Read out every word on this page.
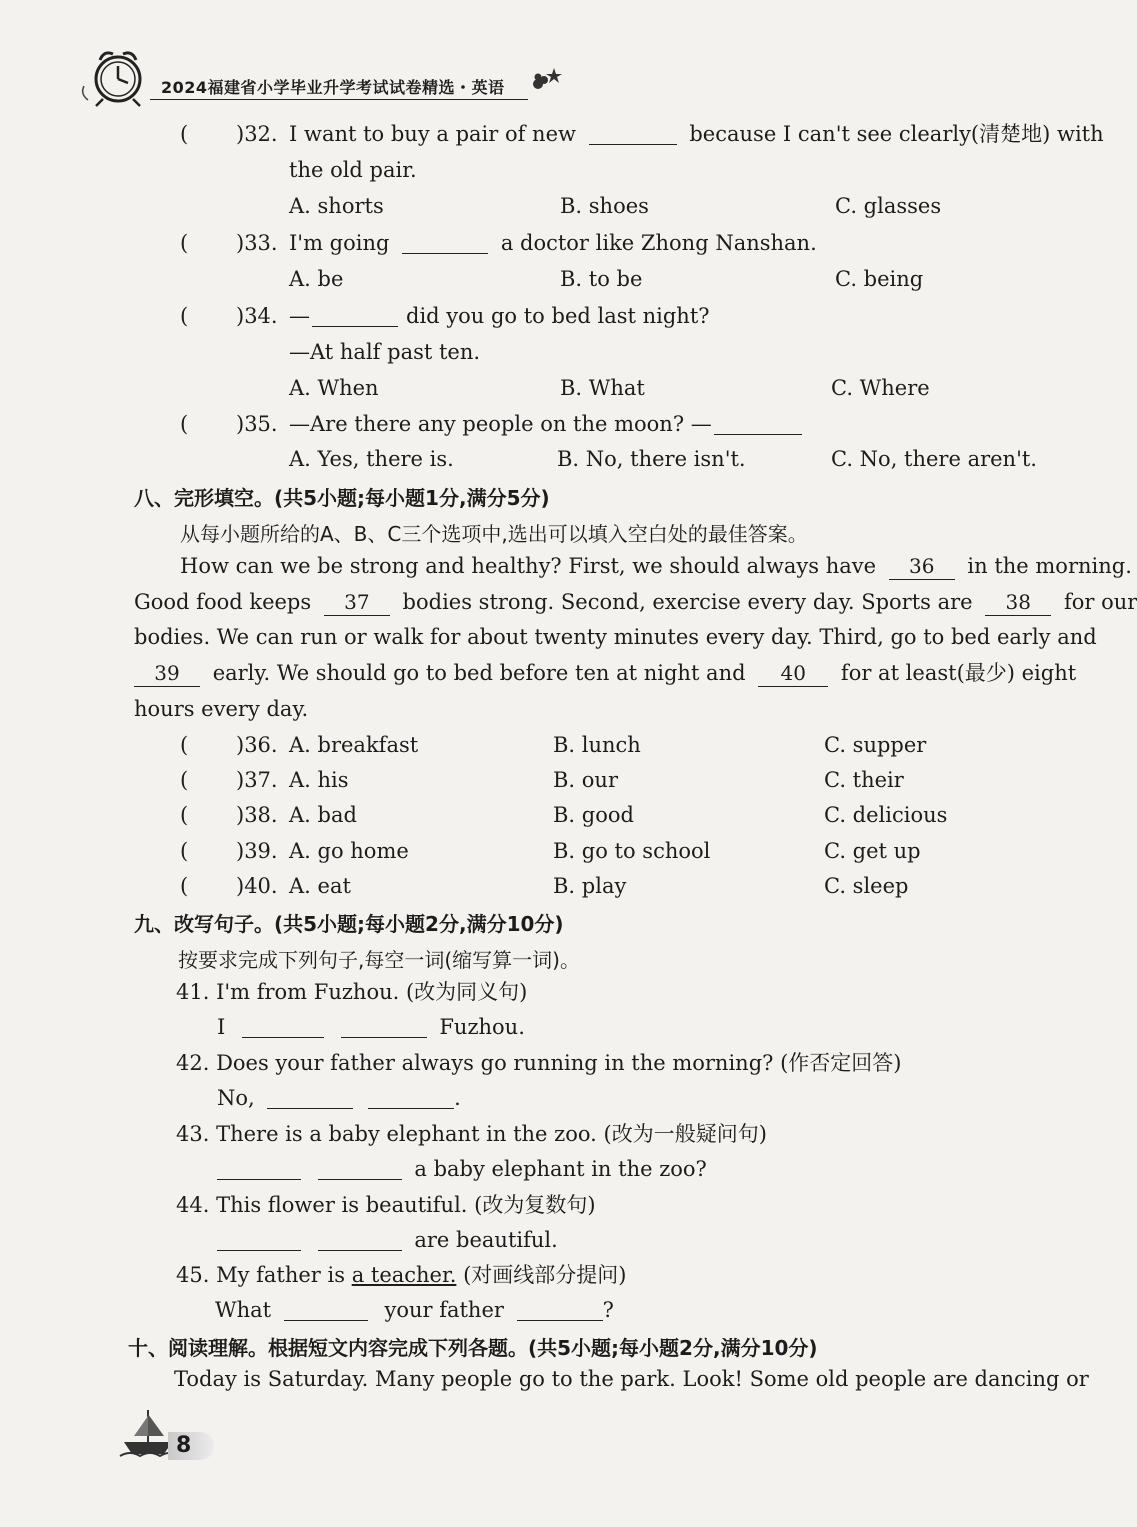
2024福建省小学毕业升学考试试卷精选・英语
( )32. I want to buy a pair of new	because I can't see clearly(清楚地) with
the old pair.
A. shorts	B. shoes	C. glasses
( )33. I'm going	a doctor like Zhong Nanshan.
A. be	B. to be	C. being
( )34. —	did you go to bed last night?
—At half past ten.
A. When	B. What	C. Where
( )35. —Are there any people on the moon? —
A. Yes, there is.	B. No, there isn't.	C. No, there aren't.
八、完形填空。(共5小题;每小题1分,满分5分)
从每小题所给的A、B、C三个选项中,选出可以填入空白处的最佳答案。
How can we be strong and healthy? First, we should always have 36 in the morning.
Good food keeps 37 bodies strong. Second, exercise every day. Sports are 38 for our
bodies. We can run or walk for about twenty minutes every day. Third, go to bed early and
39 early. We should go to bed before ten at night and 40 for at least(最少) eight
hours every day.
( )36. A. breakfast	B. lunch	C. supper
( )37. A. his	B. our	C. their
( )38. A. bad	B. good	C. delicious
( )39. A. go home	B. go to school	C. get up
( )40. A. eat	B. play	C. sleep
九、改写句子。(共5小题;每小题2分,满分10分)
按要求完成下列句子,每空一词(缩写算一词)。
41. I'm from Fuzhou. (改为同义句)
I	Fuzhou.
42. Does your father always go running in the morning? (作否定回答)
No,	.
43. There is a baby elephant in the zoo. (改为一般疑问句)
a baby elephant in the zoo?
44. This flower is beautiful. (改为复数句)
are beautiful.
45. My father is a teacher. (对画线部分提问)
What	your father	?
十、阅读理解。根据短文内容完成下列各题。(共5小题;每小题2分,满分10分)
Today is Saturday. Many people go to the park. Look! Some old people are dancing or
8
